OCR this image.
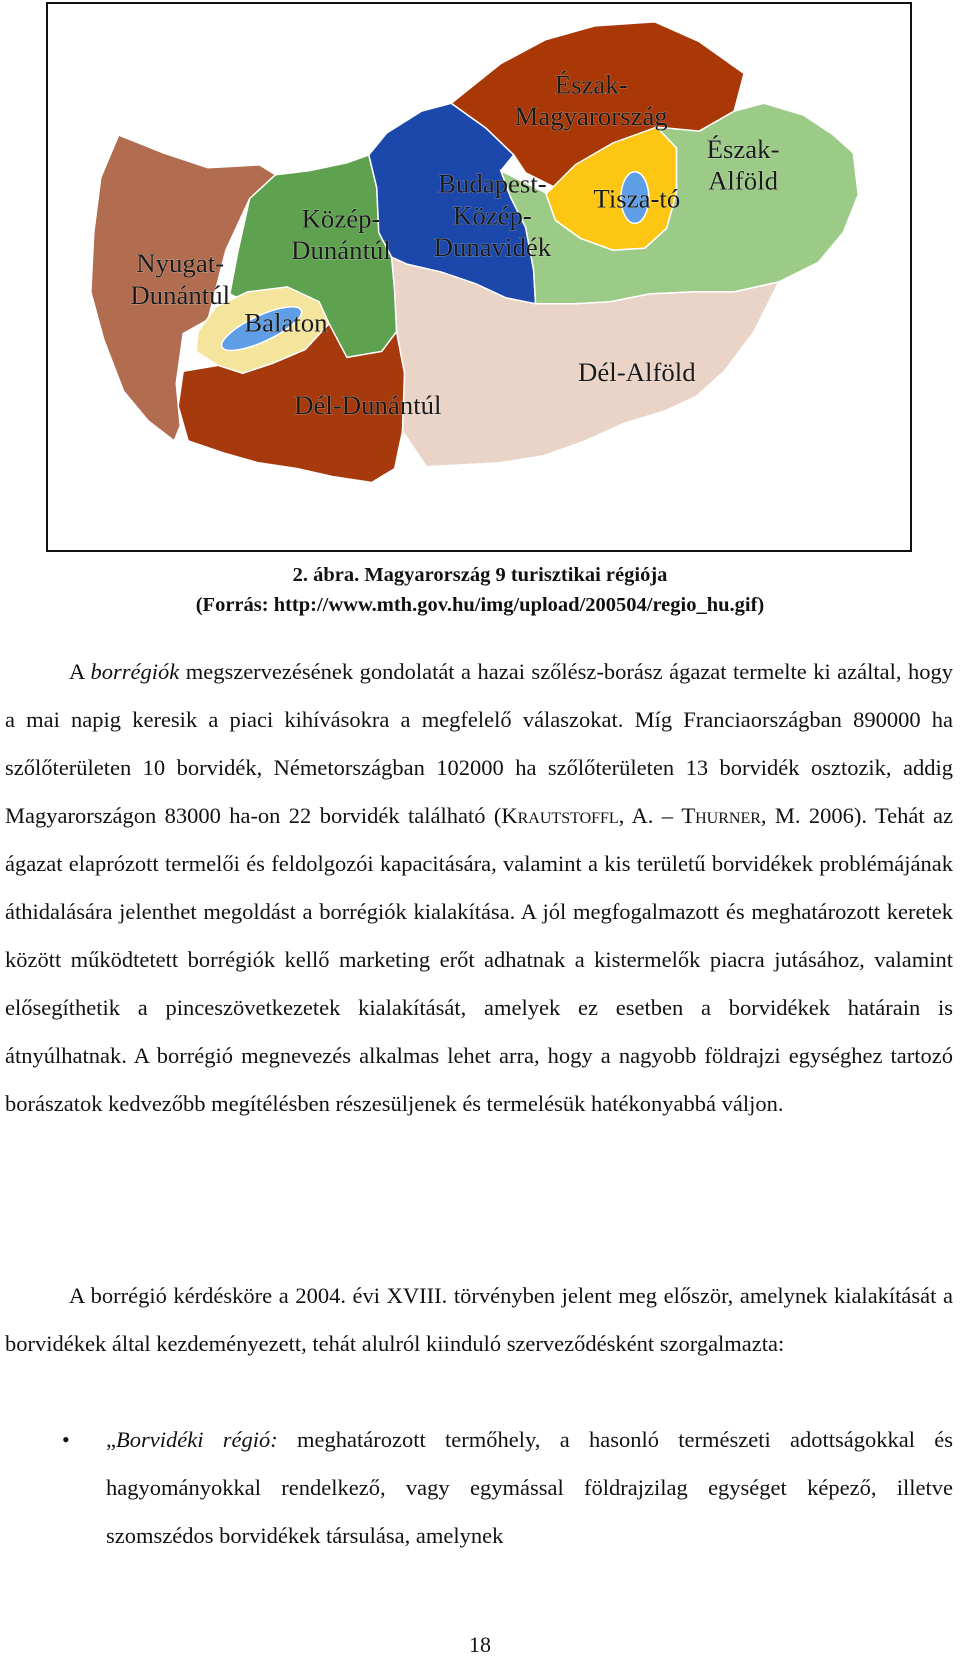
Nyugat-Dunántúl
Közép-Dunántúl
Budapest-Közép-Dunavidék
Észak-Magyarország
Tisza-tó
Észak-Alföld
Balaton
Dél-Dunántúl
Dél-Alföld
2. ábra. Magyarország 9 turisztikai régiója
(Forrás: http://www.mth.gov.hu/img/upload/200504/regio_hu.gif)

A borrégiók megszervezésének gondolatát a hazai szőlész-borász ágazat termelte ki azáltal, hogy a mai napig keresik a piaci kihívásokra a megfelelő válaszokat. Míg Franciaországban 890000 ha szőlőterületen 10 borvidék, Németországban 102000 ha szőlőterületen 13 borvidék osztozik, addig Magyarországon 83000 ha-on 22 borvidék található (Krautstoffl, A. – Thurner, M. 2006). Tehát az ágazat elaprózott termelői és feldolgozói kapacitására, valamint a kis területű borvidékek problémájának áthidalására jelenthet megoldást a borrégiók kialakítása. A jól megfogalmazott és meghatározott keretek között működtetett borrégiók kellő marketing erőt adhatnak a kistermelők piacra jutásához, valamint elősegíthetik a pinceszövetkezetek kialakítását, amelyek ez esetben a borvidékek határain is átnyúlhatnak. A borrégió megnevezés alkalmas lehet arra, hogy a nagyobb földrajzi egységhez tartozó borászatok kedvezőbb megítélésben részesüljenek és termelésük hatékonyabbá váljon.

A borrégió kérdésköre a 2004. évi XVIII. törvényben jelent meg először, amelynek kialakítását a borvidékek által kezdeményezett, tehát alulról kiinduló szerveződésként szorgalmazta:

• „Borvidéki régió: meghatározott termőhely, a hasonló természeti adottságokkal és hagyományokkal rendelkező, vagy egymással földrajzilag egységet képező, illetve szomszédos borvidékek társulása, amelynek
18
